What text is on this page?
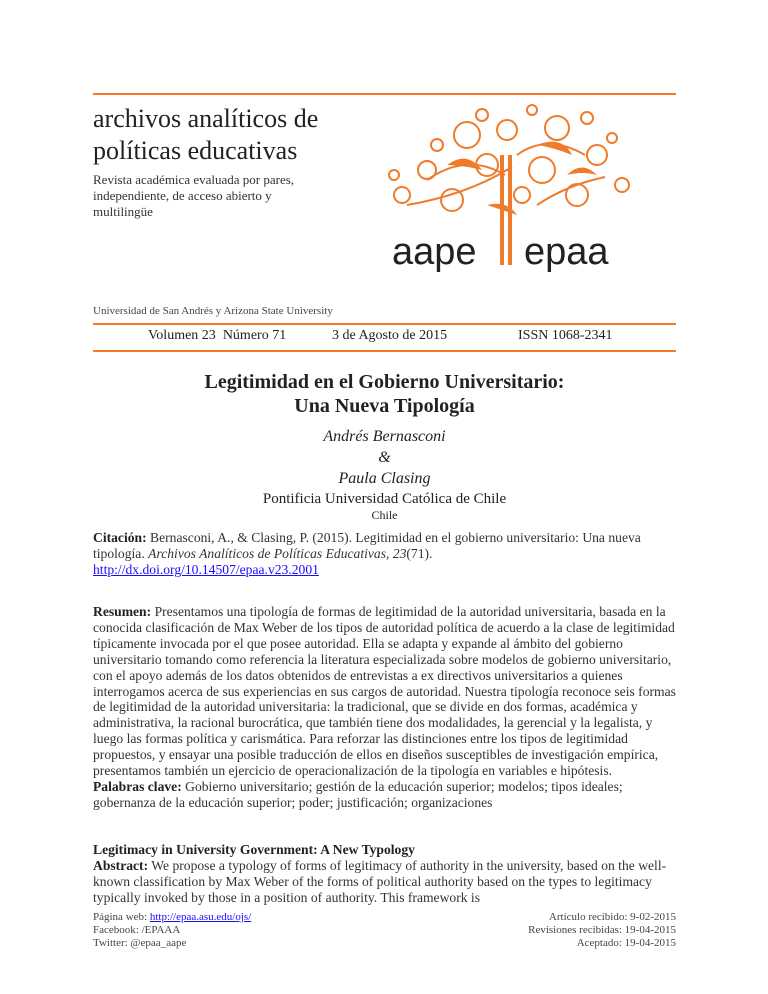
archivos analíticos de
políticas educativas
Revista académica evaluada por pares, independiente, de acceso abierto y multilingüe
aape epaa
Universidad de San Andrés y Arizona State University
Volumen 23 Número 71	3 de Agosto de 2015	ISSN 1068-2341
Legitimidad en el Gobierno Universitario:
Una Nueva Tipología
Andrés Bernasconi
&
Paula Clasing
Pontificia Universidad Católica de Chile
Chile
Citación: Bernasconi, A., & Clasing, P. (2015). Legitimidad en el gobierno universitario: Una nueva tipología. Archivos Analíticos de Políticas Educativas, 23(71).
http://dx.doi.org/10.14507/epaa.v23.2001
Resumen: Presentamos una tipología de formas de legitimidad de la autoridad universitaria, basada en la conocida clasificación de Max Weber de los tipos de autoridad política de acuerdo a la clase de legitimidad típicamente invocada por el que posee autoridad. Ella se adapta y expande al ámbito del gobierno universitario tomando como referencia la literatura especializada sobre modelos de gobierno universitario, con el apoyo además de los datos obtenidos de entrevistas a ex directivos universitarios a quienes interrogamos acerca de sus experiencias en sus cargos de autoridad. Nuestra tipología reconoce seis formas de legitimidad de la autoridad universitaria: la tradicional, que se divide en dos formas, académica y administrativa, la racional burocrática, que también tiene dos modalidades, la gerencial y la legalista, y luego las formas política y carismática. Para reforzar las distinciones entre los tipos de legitimidad propuestos, y ensayar una posible traducción de ellos en diseños susceptibles de investigación empírica, presentamos también un ejercicio de operacionalización de la tipología en variables e hipótesis.
Palabras clave: Gobierno universitario; gestión de la educación superior; modelos; tipos ideales; gobernanza de la educación superior; poder; justificación; organizaciones
Legitimacy in University Government: A New Typology
Abstract: We propose a typology of forms of legitimacy of authority in the university, based on the well-known classification by Max Weber of the forms of political authority based on the types to legitimacy typically invoked by those in a position of authority. This framework is
Página web: http://epaa.asu.edu/ojs/
Facebook: /EPAAA
Twitter: @epaa_aape
Artículo recibido: 9-02-2015
Revisiones recibidas: 19-04-2015
Aceptado: 19-04-2015
